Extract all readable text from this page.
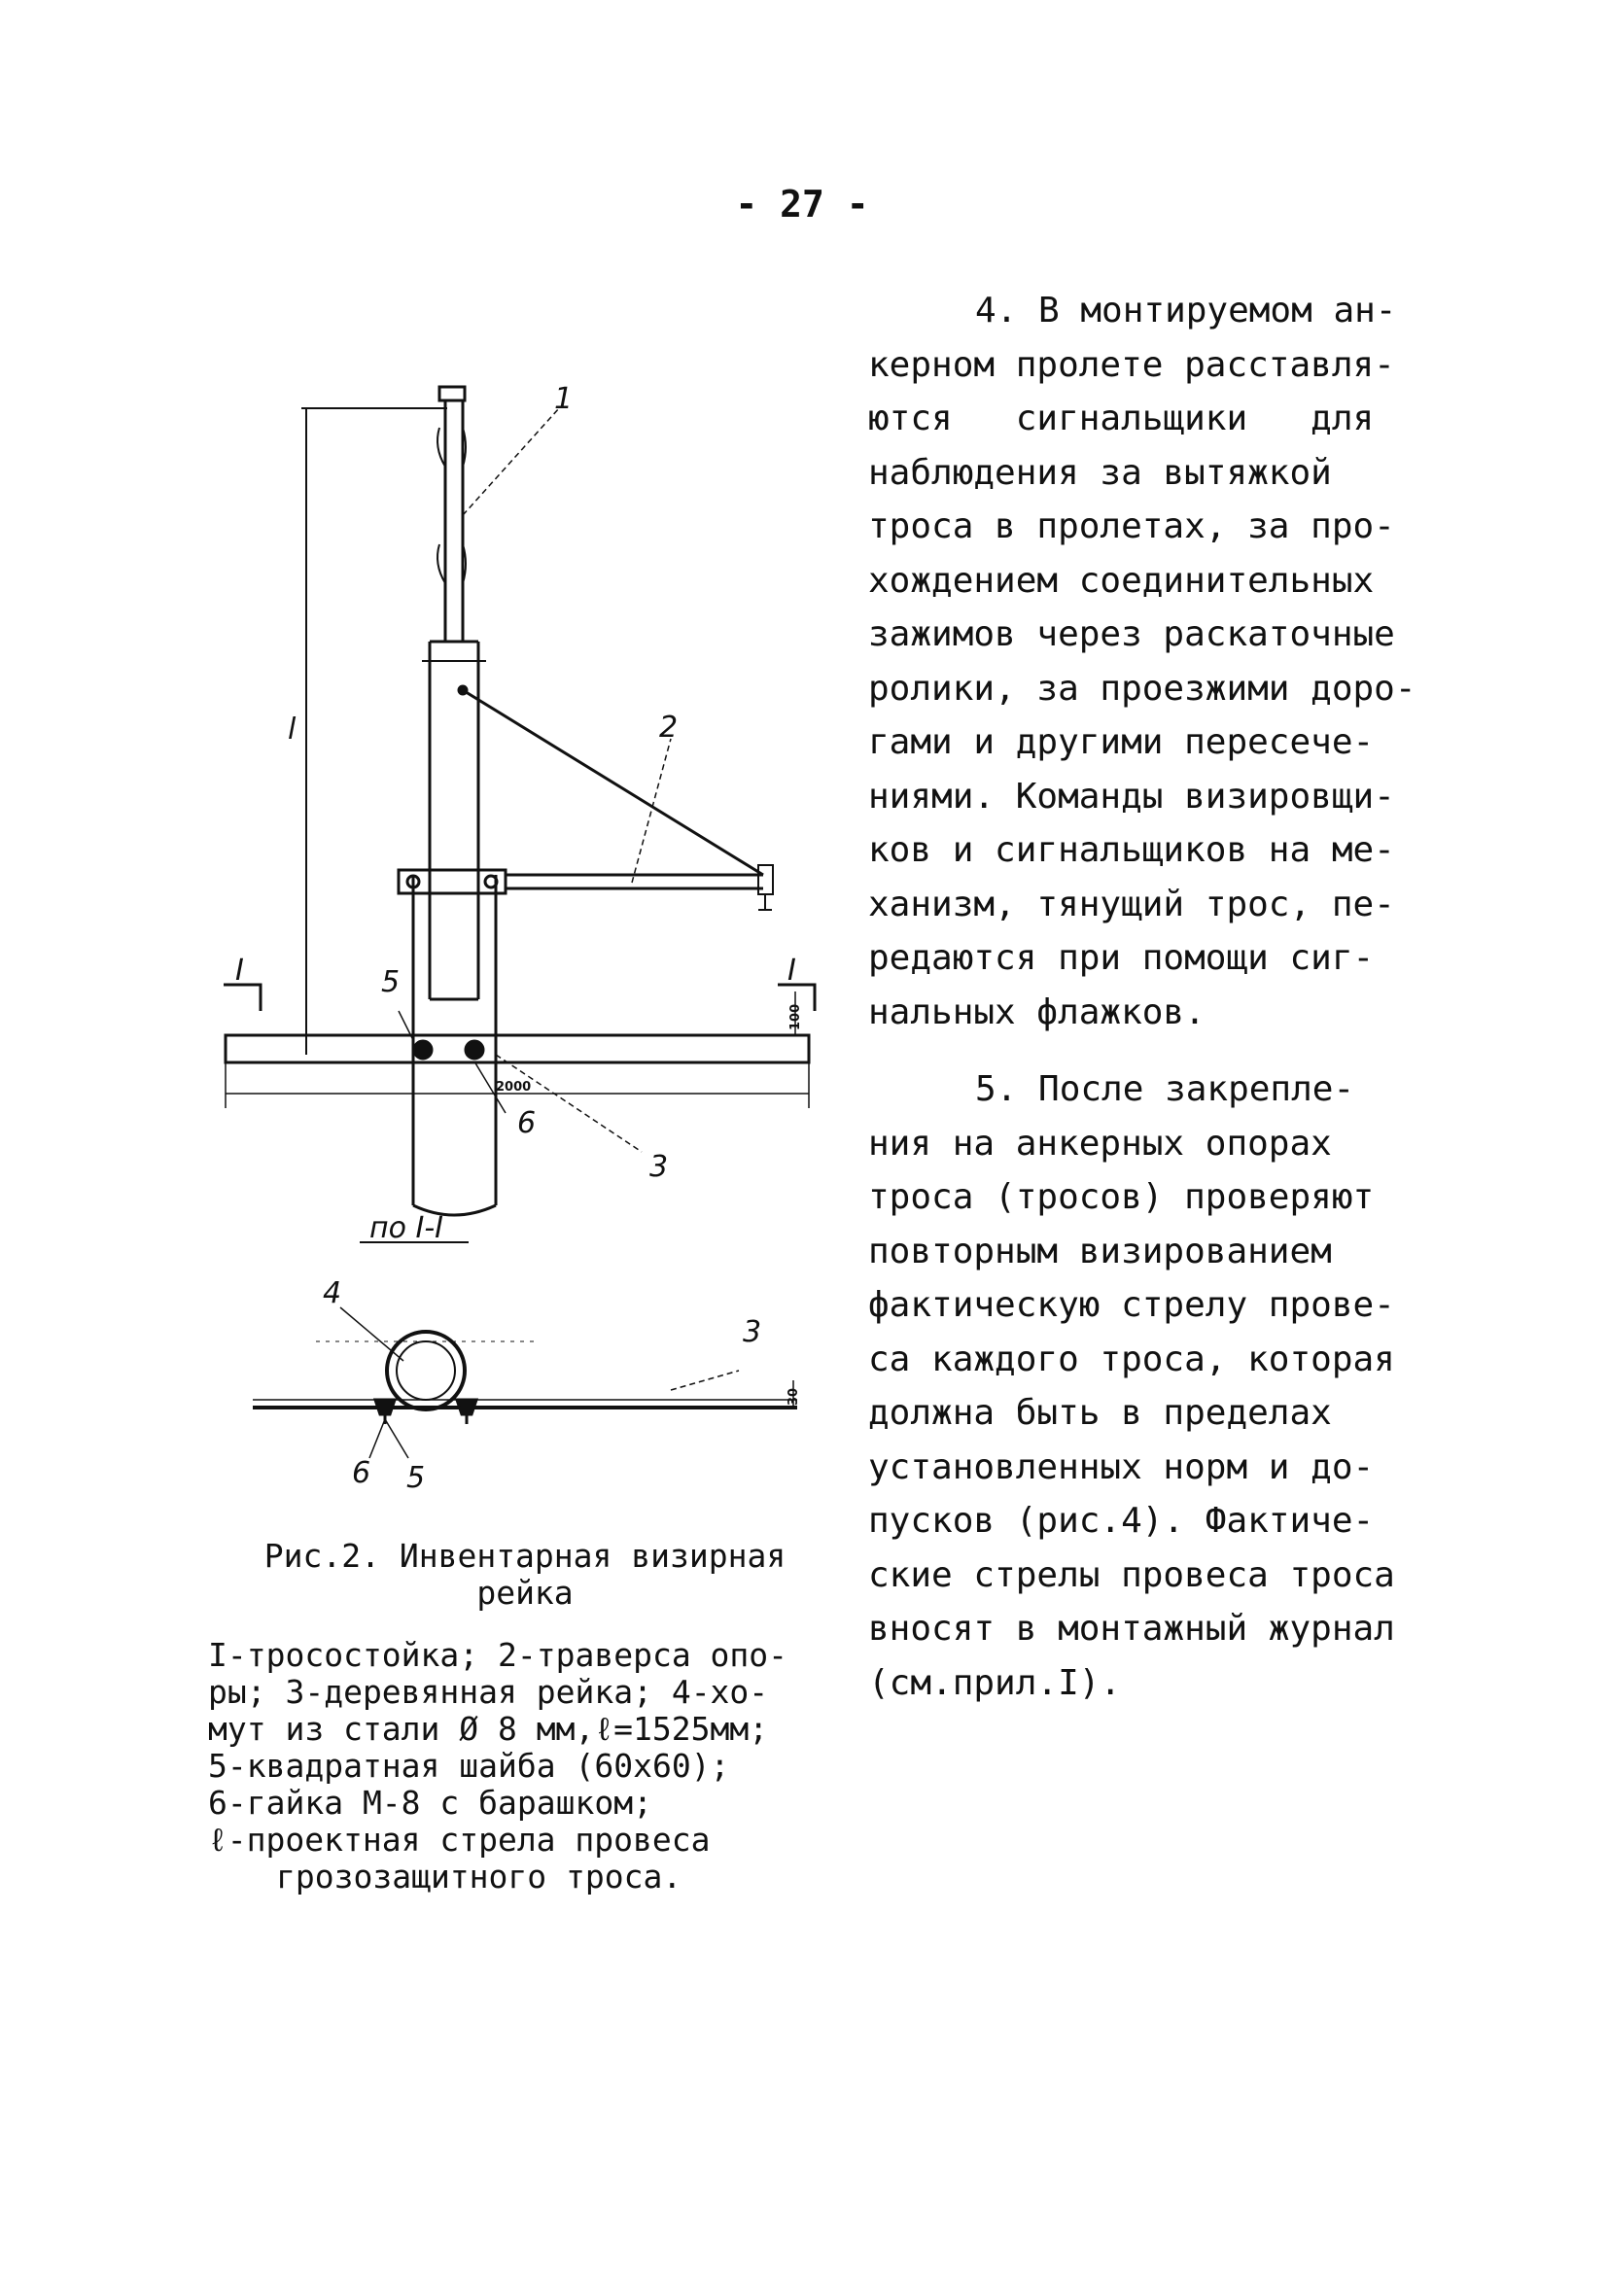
- 27 -

4. В монтируемом ан-
керном пролете расставля-
ются   сигнальщики   для
наблюдения за вытяжкой
троса в пролетах, за про-
хождением соединительных
зажимов через раскаточные
ролики, за проезжими доро-
гами и другими пересече-
ниями. Команды визировщи-
ков и сигнальщиков на ме-
ханизм, тянущий трос, пе-
редаются при помощи сиг-
нальных флажков.

5. После закрепле-
ния на анкерных опорах
троса (тросов) проверяют
повторным визированием
фактическую стрелу прове-
са каждого троса, которая
должна быть в пределах
установленных норм и до-
пусков (рис.4). Фактиче-
ские стрелы провеса троса
вносят в монтажный журнал
(см.прил.I).

1
2
3
5
6
l
I	I
100
2000
по I-I
4
3
30
6 5
Рис.2. Инвентарная визирная
рейка
I-тросостойка; 2-траверса опо-
ры; 3-деревянная рейка; 4-хо-
мут из стали Ø 8 мм,ℓ=1525мм;
5-квадратная шайба (60x60);
6-гайка М-8 с барашком;
ℓ-проектная стрела провеса
грозозащитного троса.
